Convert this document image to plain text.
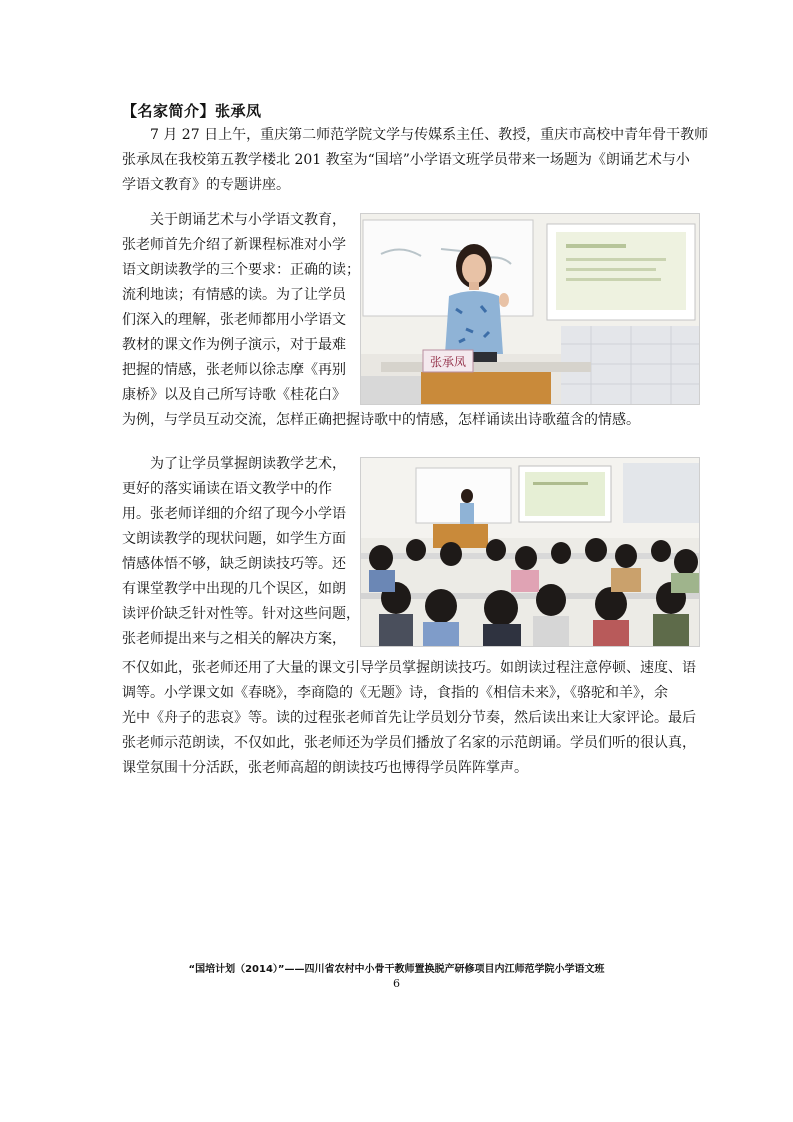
【名家简介】张承凤
7 月 27 日上午，重庆第二师范学院文学与传媒系主任、教授，重庆市高校中青年骨干教师
张承凤在我校第五教学楼北 201 教室为“国培”小学语文班学员带来一场题为《朗诵艺术与小
学语文教育》的专题讲座。
关于朗诵艺术与小学语文教育，
张老师首先介绍了新课程标准对小学
语文朗读教学的三个要求：正确的读；
流利地读；有情感的读。为了让学员
们深入的理解，张老师都用小学语文
教材的课文作为例子演示，对于最难
把握的情感，张老师以徐志摩《再别
康桥》以及自己所写诗歌《桂花白》
为例，与学员互动交流，怎样正确把握诗歌中的情感，怎样诵读出诗歌蕴含的情感。
张承凤
为了让学员掌握朗读教学艺术，
更好的落实诵读在语文教学中的作
用。张老师详细的介绍了现今小学语
文朗读教学的现状问题，如学生方面
情感体悟不够，缺乏朗读技巧等。还
有课堂教学中出现的几个误区，如朗
读评价缺乏针对性等。针对这些问题，
张老师提出来与之相关的解决方案，
不仅如此，张老师还用了大量的课文引导学员掌握朗读技巧。如朗读过程注意停顿、速度、语
调等。小学课文如《春晓》，李商隐的《无题》诗，食指的《相信未来》，《骆驼和羊》，余
光中《舟子的悲哀》等。读的过程张老师首先让学员划分节奏，然后读出来让大家评论。最后
张老师示范朗读，不仅如此，张老师还为学员们播放了名家的示范朗诵。学员们听的很认真，
课堂氛围十分活跃，张老师高超的朗读技巧也博得学员阵阵掌声。
“国培计划（2014）”——四川省农村中小骨干教师置换脱产研修项目内江师范学院小学语文班
6
